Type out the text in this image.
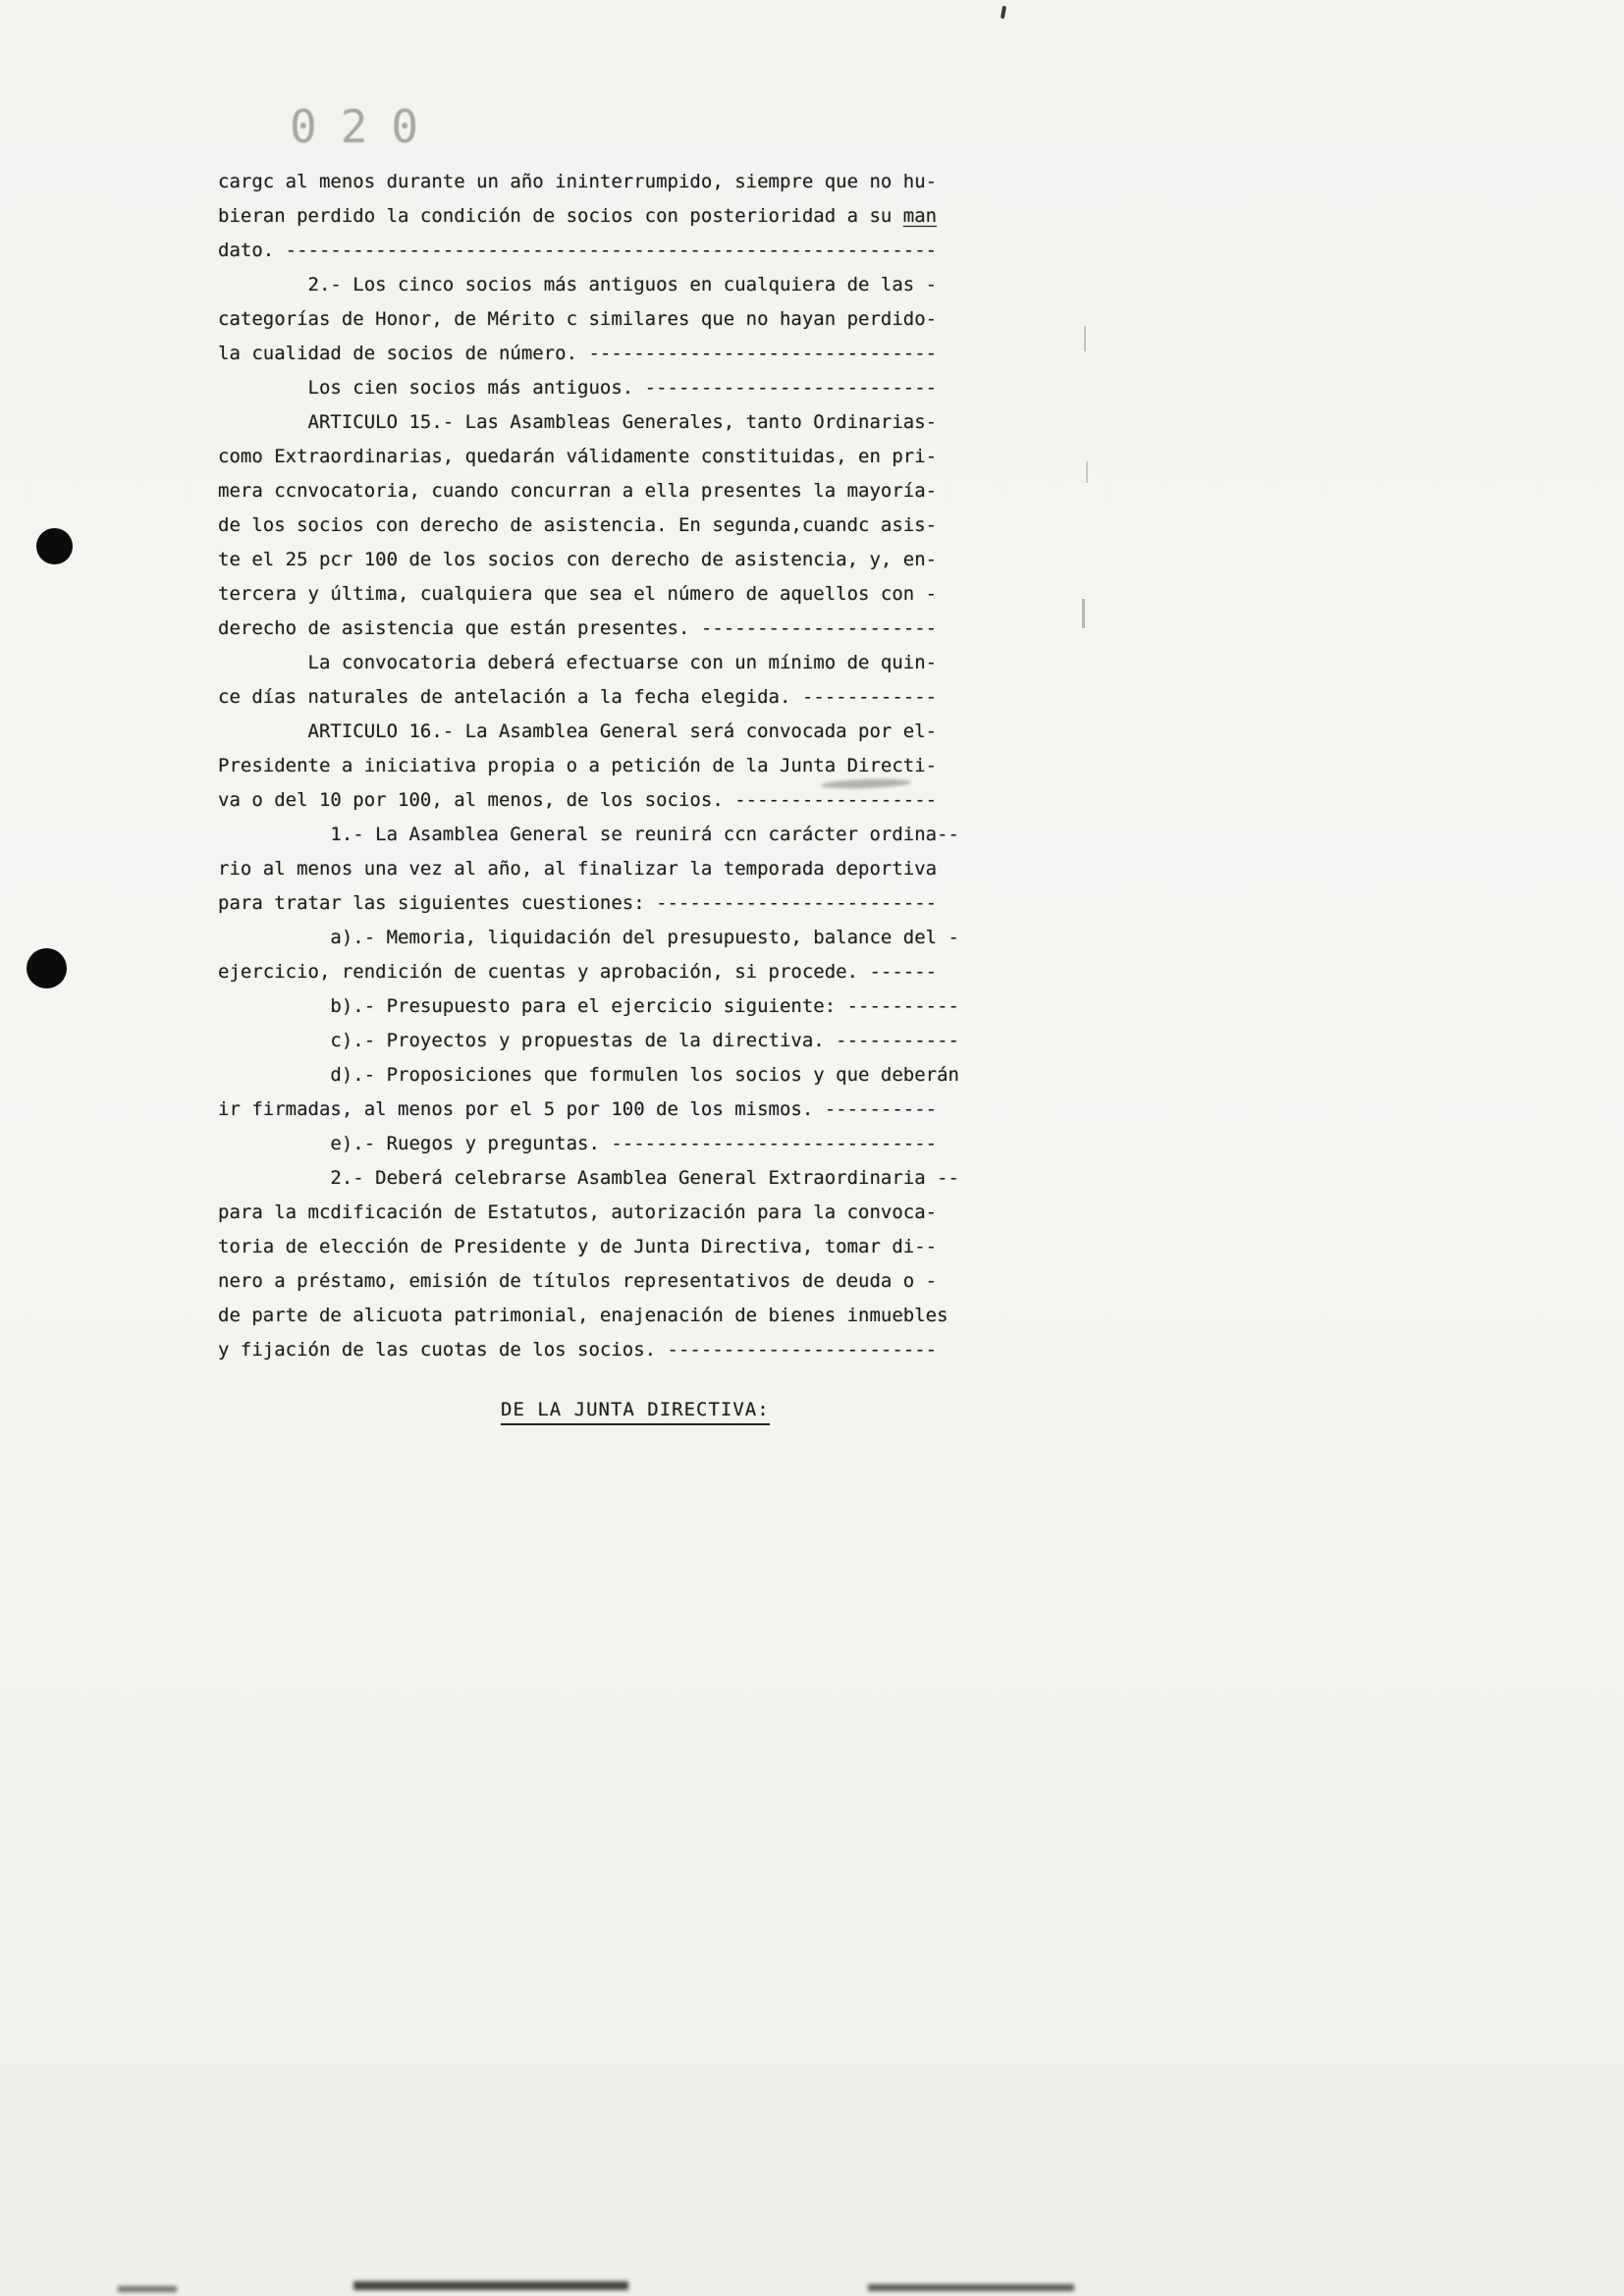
020
cargc al menos durante un año ininterrumpido, siempre que no hu-
bieran perdido la condición de socios con posterioridad a su man
dato. ----------------------------------------------------------
2.- Los cinco socios más antiguos en cualquiera de las -
categorías de Honor, de Mérito c similares que no hayan perdido-
la cualidad de socios de número. -------------------------------
Los cien socios más antiguos. --------------------------
ARTICULO 15.- Las Asambleas Generales, tanto Ordinarias-
como Extraordinarias, quedarán válidamente constituidas, en pri-
mera ccnvocatoria, cuando concurran a ella presentes la mayoría-
de los socios con derecho de asistencia. En segunda,cuandc asis-
te el 25 pcr 100 de los socios con derecho de asistencia, y, en-
tercera y última, cualquiera que sea el número de aquellos con -
derecho de asistencia que están presentes. ---------------------
La convocatoria deberá efectuarse con un mínimo de quin-
ce días naturales de antelación a la fecha elegida. ------------
ARTICULO 16.- La Asamblea General será convocada por el-
Presidente a iniciativa propia o a petición de la Junta Directi-
va o del 10 por 100, al menos, de los socios. ------------------
1.- La Asamblea General se reunirá ccn carácter ordina--
rio al menos una vez al año, al finalizar la temporada deportiva
para tratar las siguientes cuestiones: -------------------------
a).- Memoria, liquidación del presupuesto, balance del -
ejercicio, rendición de cuentas y aprobación, si procede. ------
b).- Presupuesto para el ejercicio siguiente: ----------
c).- Proyectos y propuestas de la directiva. -----------
d).- Proposiciones que formulen los socios y que deberán
ir firmadas, al menos por el 5 por 100 de los mismos. ----------
e).- Ruegos y preguntas. -----------------------------
2.- Deberá celebrarse Asamblea General Extraordinaria --
para la mcdificación de Estatutos, autorización para la convoca-
toria de elección de Presidente y de Junta Directiva, tomar di--
nero a préstamo, emisión de títulos representativos de deuda o -
de parte de alicuota patrimonial, enajenación de bienes inmuebles
y fijación de las cuotas de los socios. ------------------------
DE LA JUNTA DIRECTIVA:
